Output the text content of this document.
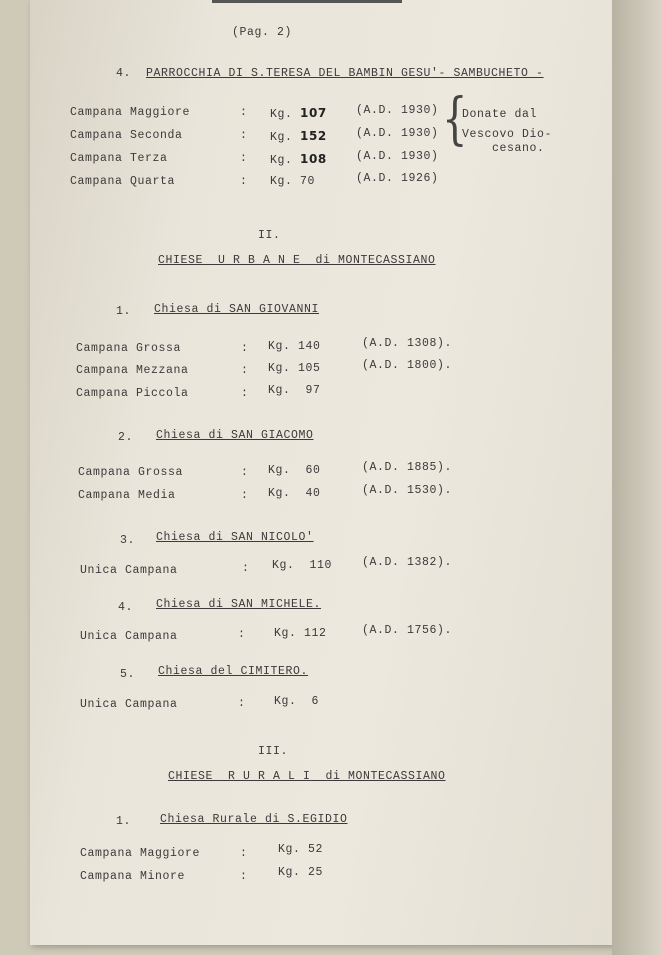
(Pag. 2)
4. PARROCCHIA DI S.TERESA DEL BAMBIN GESU'- SAMBUCHETO -
Campana Maggiore	: Kg. 107	(A.D. 1930)
Campana Seconda	: Kg. 152	(A.D. 1930)
Campana Terza	: Kg. 108	(A.D. 1930)
Campana Quarta	: Kg. 70	(A.D. 1926)
{
Donate dal
Vescovo Dio-
cesano.
II.
CHIESE  U R B A N E  di MONTECASSIANO
1. Chiesa di SAN GIOVANNI
Campana Grossa	: Kg. 140	(A.D. 1308).
Campana Mezzana	: Kg. 105	(A.D. 1800).
Campana Piccola	: Kg.  97
2. Chiesa di SAN GIACOMO
Campana Grossa	: Kg.  60	(A.D. 1885).
Campana Media	: Kg.  40	(A.D. 1530).
3. Chiesa di SAN NICOLO'
Unica Campana	: Kg.  110	(A.D. 1382).
4. Chiesa di SAN MICHELE.
Unica Campana	: Kg. 112	(A.D. 1756).
5. Chiesa del CIMITERO.
Unica Campana	: Kg.  6
III.
CHIESE  R U R A L I  di MONTECASSIANO
1.	Chiesa Rurale di S.EGIDIO
Campana Maggiore	:	Kg. 52
Campana Minore	:	Kg. 25
